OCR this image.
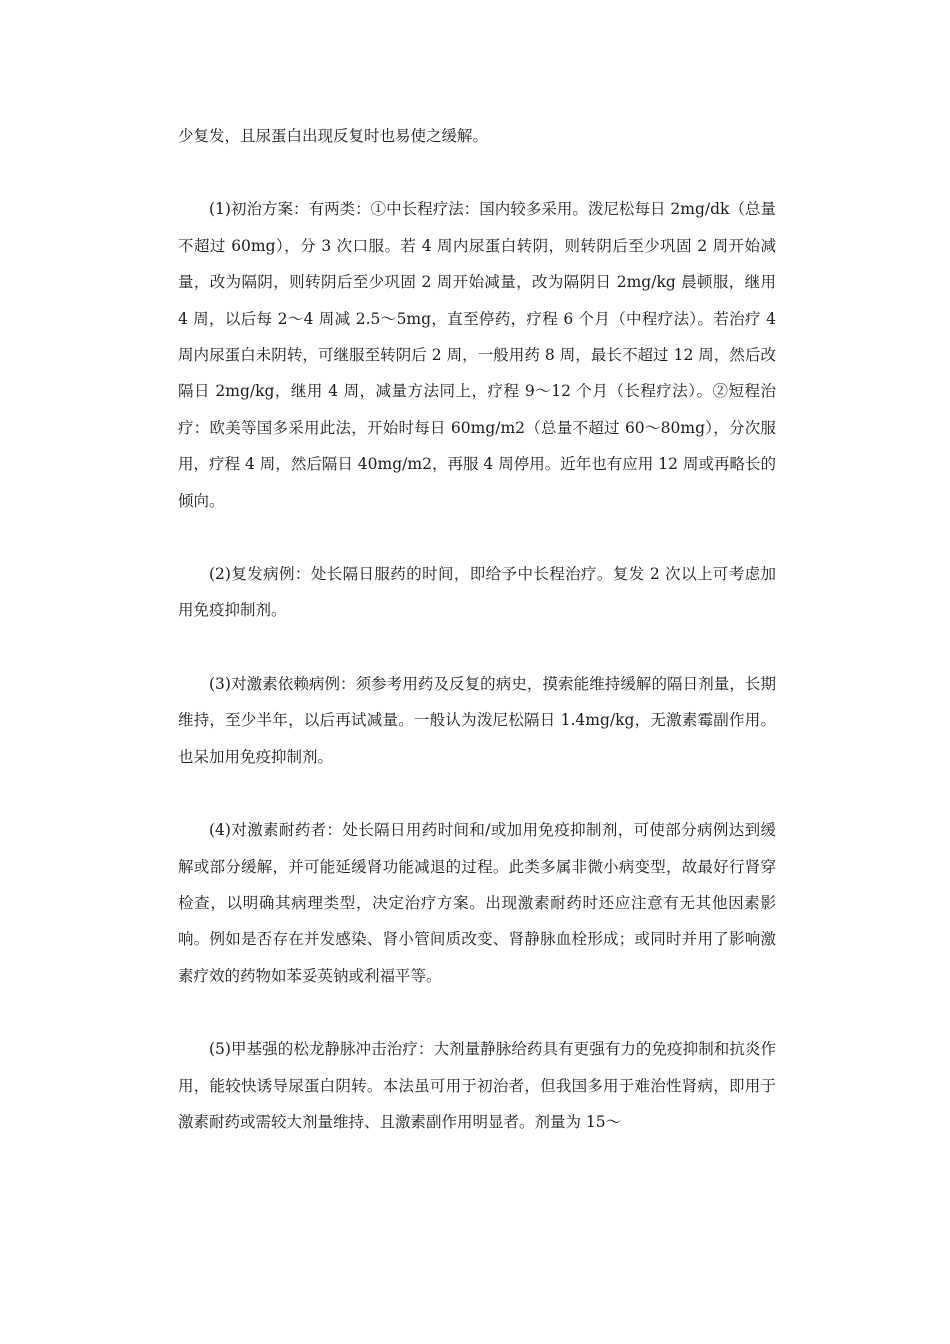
少复发，且尿蛋白出现反复时也易使之缓解。

(1)初治方案：有两类：①中长程疗法：国内较多采用。泼尼松每日 2mg/dk（总量不超过 60mg），分 3 次口服。若 4 周内尿蛋白转阴，则转阴后至少巩固 2 周开始减量，改为隔阴，则转阴后至少巩固 2 周开始减量，改为隔阴日 2mg/kg 晨顿服，继用 4 周，以后每 2～4 周减 2.5～5mg，直至停药，疗程 6 个月（中程疗法）。若治疗 4 周内尿蛋白未阴转，可继服至转阴后 2 周，一般用药 8 周，最长不超过 12 周，然后改隔日 2mg/kg，继用 4 周，减量方法同上，疗程 9～12 个月（长程疗法）。②短程治疗：欧美等国多采用此法，开始时每日 60mg/m2（总量不超过 60～80mg），分次服用，疗程 4 周，然后隔日 40mg/m2，再服 4 周停用。近年也有应用 12 周或再略长的倾向。

(2)复发病例：处长隔日服药的时间，即给予中长程治疗。复发 2 次以上可考虑加用免疫抑制剂。

(3)对激素依赖病例：须参考用药及反复的病史，摸索能维持缓解的隔日剂量，长期维持，至少半年，以后再试减量。一般认为泼尼松隔日 1.4mg/kg，无激素霉副作用。也呆加用免疫抑制剂。

(4)对激素耐药者：处长隔日用药时间和/或加用免疫抑制剂，可使部分病例达到缓解或部分缓解，并可能延缓肾功能减退的过程。此类多属非微小病变型，故最好行肾穿检查，以明确其病理类型，决定治疗方案。出现激素耐药时还应注意有无其他因素影响。例如是否存在并发感染、肾小管间质改变、肾静脉血栓形成；或同时并用了影响激素疗效的药物如苯妥英钠或利福平等。

(5)甲基强的松龙静脉冲击治疗：大剂量静脉给药具有更强有力的免疫抑制和抗炎作用，能较快诱导尿蛋白阴转。本法虽可用于初治者，但我国多用于难治性肾病，即用于激素耐药或需较大剂量维持、且激素副作用明显者。剂量为 15～
